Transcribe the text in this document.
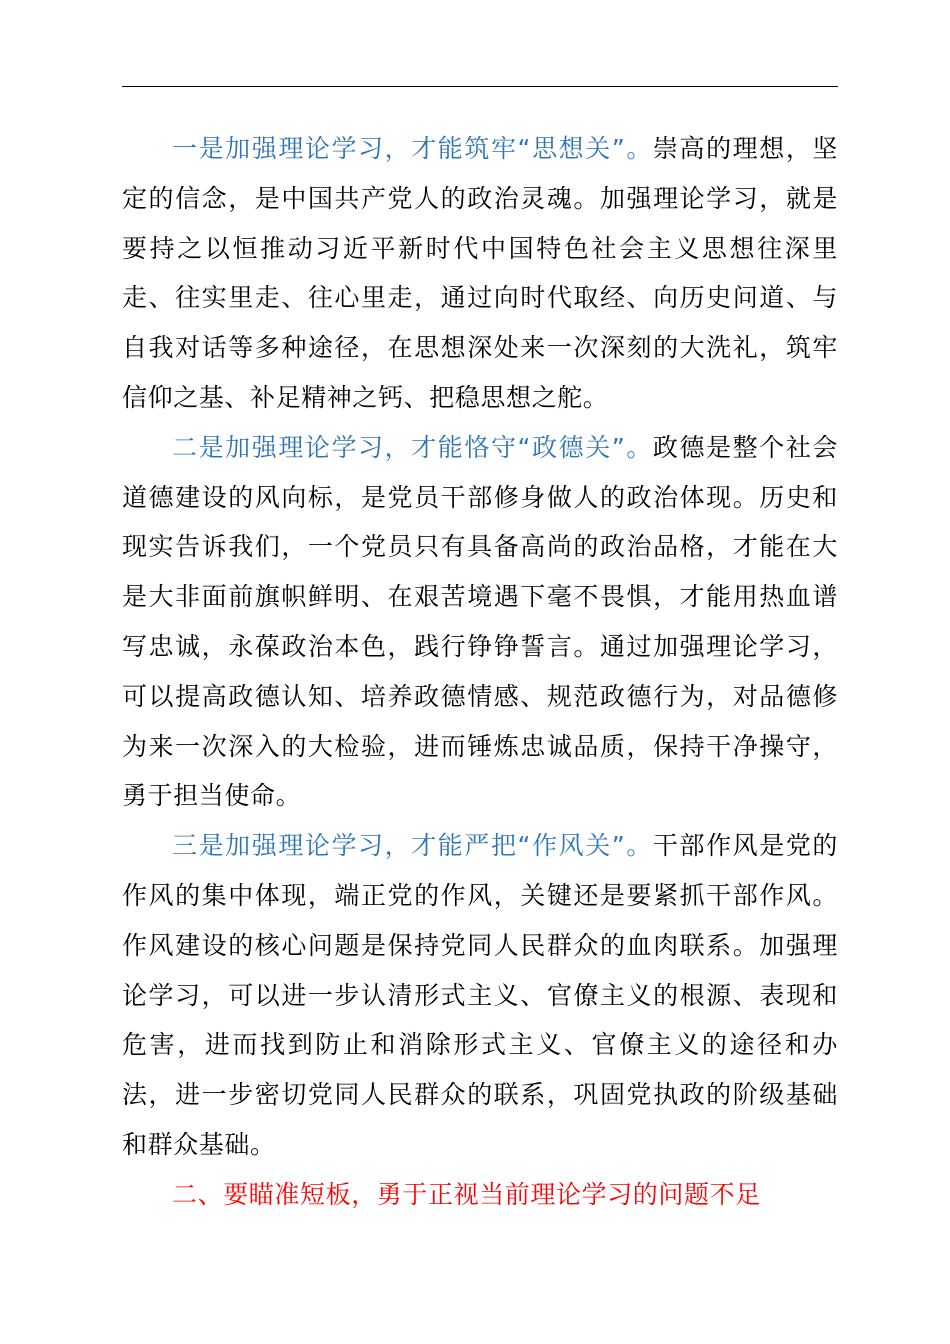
一是加强理论学习，才能筑牢“思想关”。崇高的理想，坚定的信念，是中国共产党人的政治灵魂。加强理论学习，就是要持之以恒推动习近平新时代中国特色社会主义思想往深里走、往实里走、往心里走，通过向时代取经、向历史问道、与自我对话等多种途径，在思想深处来一次深刻的大洗礼，筑牢信仰之基、补足精神之钙、把稳思想之舵。

二是加强理论学习，才能恪守“政德关”。政德是整个社会道德建设的风向标，是党员干部修身做人的政治体现。历史和现实告诉我们，一个党员只有具备高尚的政治品格，才能在大是大非面前旗帜鲜明、在艰苦境遇下毫不畏惧，才能用热血谱写忠诚，永葆政治本色，践行铮铮誓言。通过加强理论学习，可以提高政德认知、培养政德情感、规范政德行为，对品德修为来一次深入的大检验，进而锤炼忠诚品质，保持干净操守，勇于担当使命。

三是加强理论学习，才能严把“作风关”。干部作风是党的作风的集中体现，端正党的作风，关键还是要紧抓干部作风。作风建设的核心问题是保持党同人民群众的血肉联系。加强理论学习，可以进一步认清形式主义、官僚主义的根源、表现和危害，进而找到防止和消除形式主义、官僚主义的途径和办法，进一步密切党同人民群众的联系，巩固党执政的阶级基础和群众基础。

二、要瞄准短板，勇于正视当前理论学习的问题不足
